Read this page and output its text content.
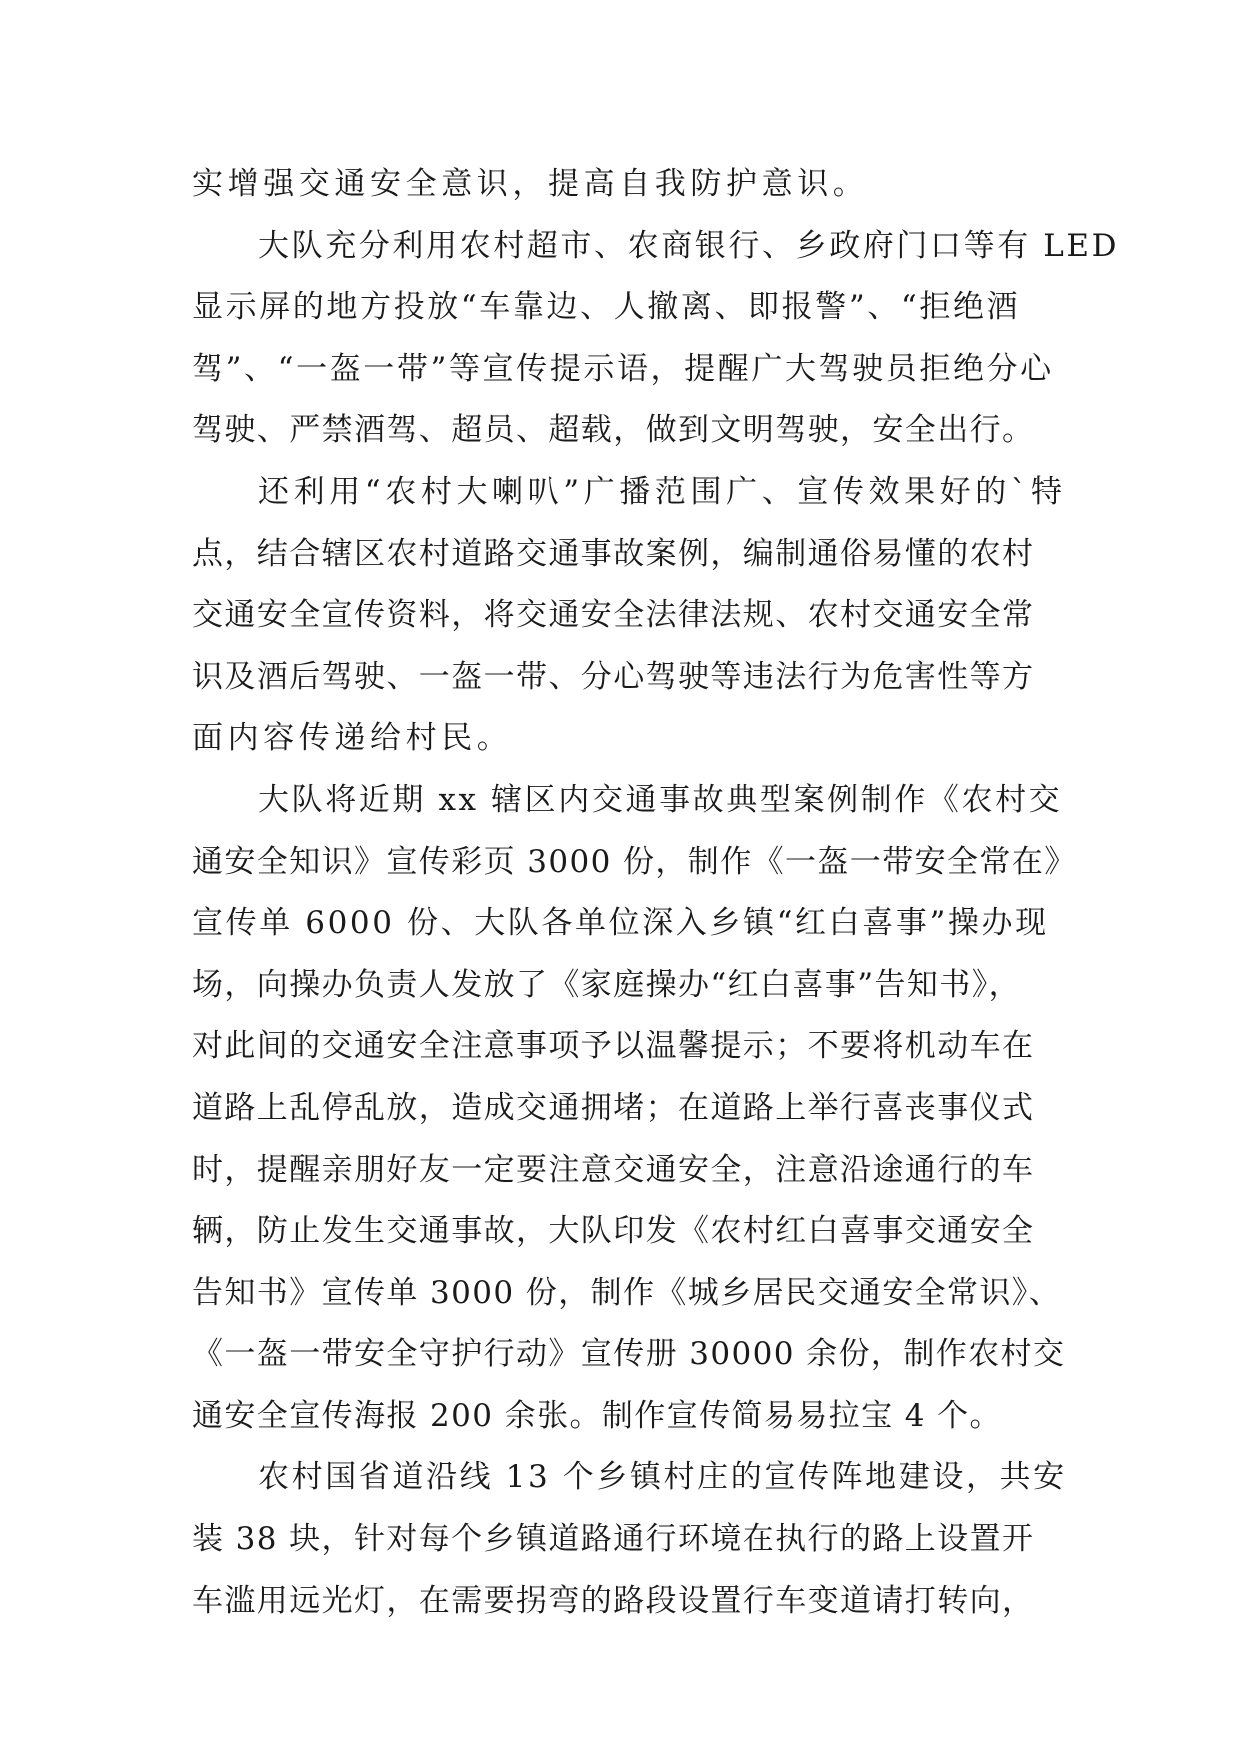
实增强交通安全意识，提高自我防护意识。
大队充分利用农村超市、农商银行、乡政府门口等有 LED
显示屏的地方投放“车靠边、人撤离、即报警”、“拒绝酒
驾”、“一盔一带”等宣传提示语，提醒广大驾驶员拒绝分心
驾驶、严禁酒驾、超员、超载，做到文明驾驶，安全出行。
还利用“农村大喇叭”广播范围广、宣传效果好的`特
点，结合辖区农村道路交通事故案例，编制通俗易懂的农村
交通安全宣传资料，将交通安全法律法规、农村交通安全常
识及酒后驾驶、一盔一带、分心驾驶等违法行为危害性等方
面内容传递给村民。
大队将近期 xx 辖区内交通事故典型案例制作《农村交
通安全知识》宣传彩页 3000 份，制作《一盔一带安全常在》
宣传单 6000 份、大队各单位深入乡镇“红白喜事”操办现
场，向操办负责人发放了《家庭操办“红白喜事”告知书》，
对此间的交通安全注意事项予以温馨提示；不要将机动车在
道路上乱停乱放，造成交通拥堵；在道路上举行喜丧事仪式
时，提醒亲朋好友一定要注意交通安全，注意沿途通行的车
辆，防止发生交通事故，大队印发《农村红白喜事交通安全
告知书》宣传单 3000 份，制作《城乡居民交通安全常识》、
《一盔一带安全守护行动》宣传册 30000 余份，制作农村交
通安全宣传海报 200 余张。制作宣传简易易拉宝 4 个。
农村国省道沿线 13 个乡镇村庄的宣传阵地建设，共安
装 38 块，针对每个乡镇道路通行环境在执行的路上设置开
车滥用远光灯，在需要拐弯的路段设置行车变道请打转向，
